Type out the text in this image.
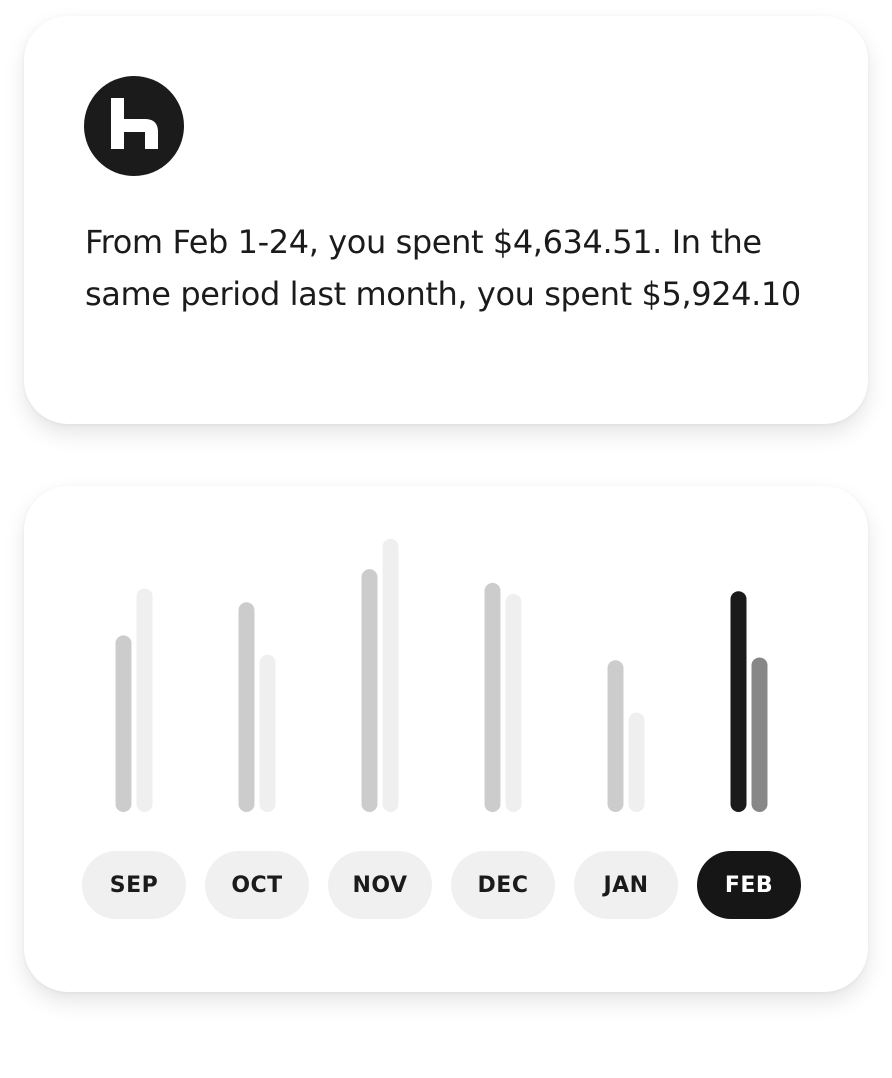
From Feb 1-24, you spent $4,634.51. In the same period last month, you spent $5,924.10

SEP	OCT	NOV	DEC	JAN	FEB
